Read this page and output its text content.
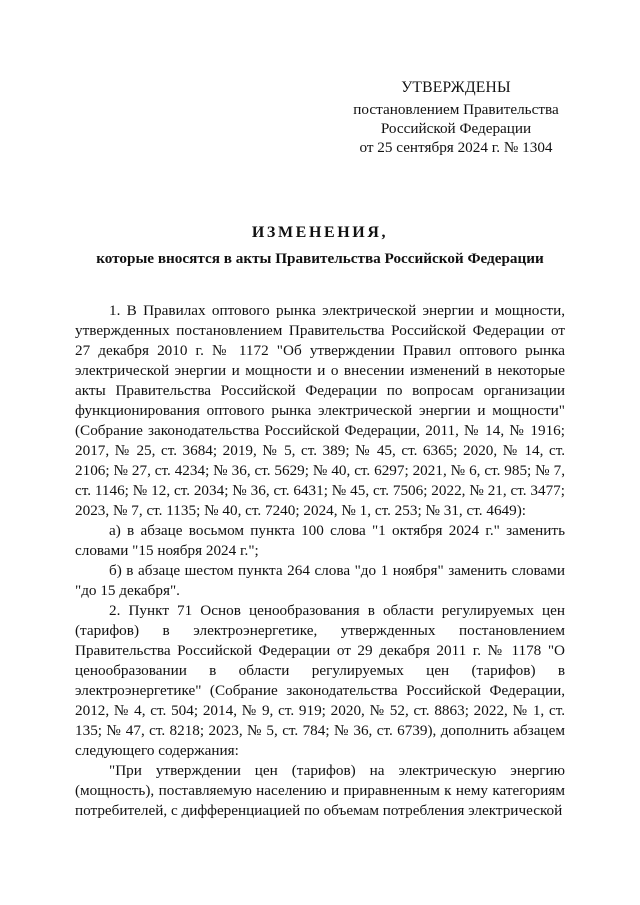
УТВЕРЖДЕНЫ
постановлением Правительства
Российской Федерации
от 25 сентября 2024 г. № 1304
ИЗМЕНЕНИЯ,
которые вносятся в акты Правительства Российской Федерации

1. В Правилах оптового рынка электрической энергии и мощности, утвержденных постановлением Правительства Российской Федерации от 27 декабря 2010 г. № 1172 "Об утверждении Правил оптового рынка электрической энергии и мощности и о внесении изменений в некоторые акты Правительства Российской Федерации по вопросам организации функционирования оптового рынка электрической энергии и мощности" (Собрание законодательства Российской Федерации, 2011, № 14, № 1916; 2017, № 25, ст. 3684; 2019, № 5, ст. 389; № 45, ст. 6365; 2020, № 14, ст. 2106; № 27, ст. 4234; № 36, ст. 5629; № 40, ст. 6297; 2021, № 6, ст. 985; № 7, ст. 1146; № 12, ст. 2034; № 36, ст. 6431; № 45, ст. 7506; 2022, № 21, ст. 3477; 2023, № 7, ст. 1135; № 40, ст. 7240; 2024, № 1, ст. 253; № 31, ст. 4649):

а) в абзаце восьмом пункта 100 слова "1 октября 2024 г." заменить словами "15 ноября 2024 г.";

б) в абзаце шестом пункта 264 слова "до 1 ноября" заменить словами "до 15 декабря".

2. Пункт 71 Основ ценообразования в области регулируемых цен (тарифов) в электроэнергетике, утвержденных постановлением Правительства Российской Федерации от 29 декабря 2011 г. № 1178 "О ценообразовании в области регулируемых цен (тарифов) в электроэнергетике" (Собрание законодательства Российской Федерации, 2012, № 4, ст. 504; 2014, № 9, ст. 919; 2020, № 52, ст. 8863; 2022, № 1, ст. 135; № 47, ст. 8218; 2023, № 5, ст. 784; № 36, ст. 6739), дополнить абзацем следующего содержания:

"При утверждении цен (тарифов) на электрическую энергию (мощность), поставляемую населению и приравненным к нему категориям потребителей, с дифференциацией по объемам потребления электрической
